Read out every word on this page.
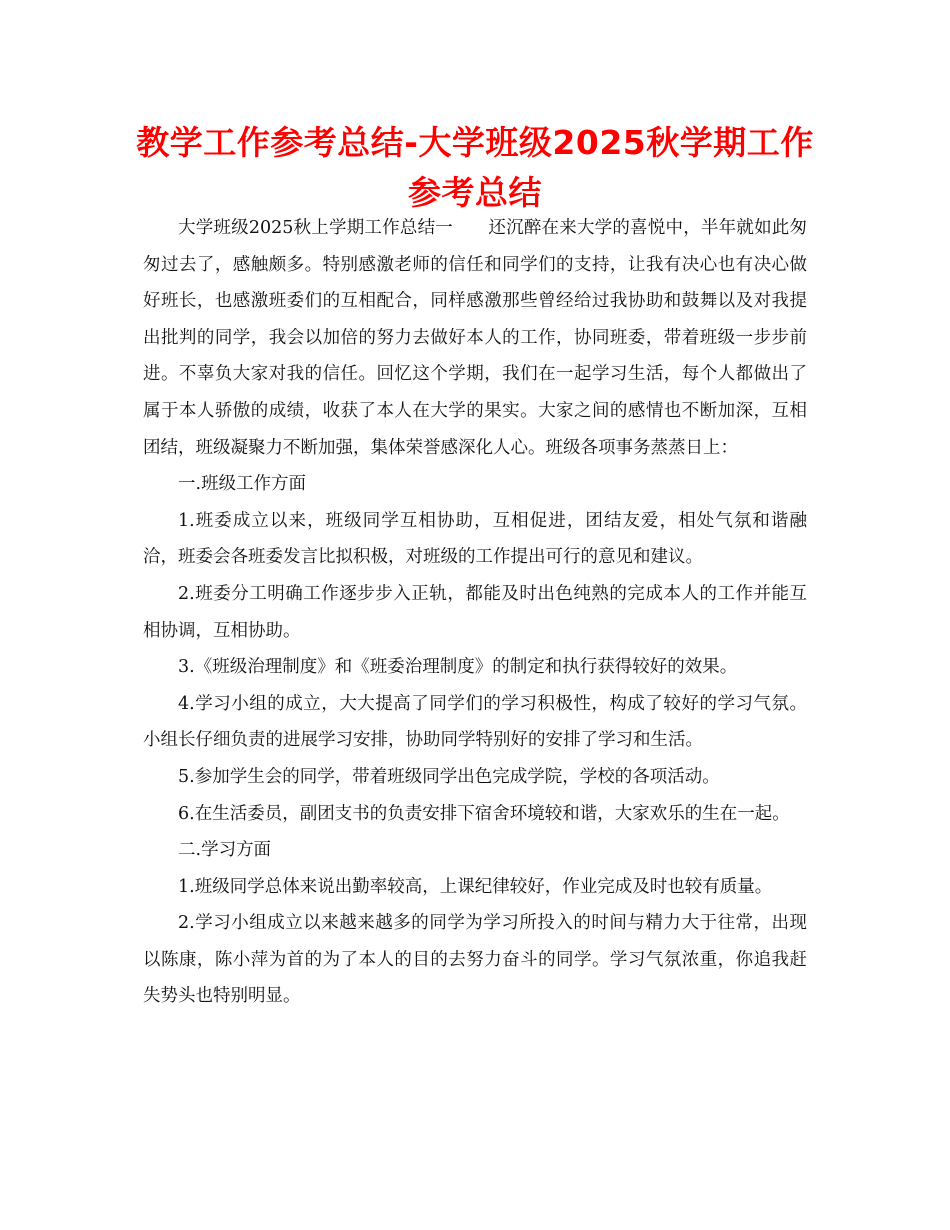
教学工作参考总结-大学班级2025秋学期工作参考总结

大学班级2025秋上学期工作总结一　　还沉醉在来大学的喜悦中，半年就如此匆匆过去了，感触颇多。特别感激老师的信任和同学们的支持，让我有决心也有决心做好班长，也感激班委们的互相配合，同样感激那些曾经给过我协助和鼓舞以及对我提出批判的同学，我会以加倍的努力去做好本人的工作，协同班委，带着班级一步步前进。不辜负大家对我的信任。回忆这个学期，我们在一起学习生活，每个人都做出了属于本人骄傲的成绩，收获了本人在大学的果实。大家之间的感情也不断加深，互相团结，班级凝聚力不断加强，集体荣誉感深化人心。班级各项事务蒸蒸日上：

一.班级工作方面

1.班委成立以来，班级同学互相协助，互相促进，团结友爱，相处气氛和谐融洽，班委会各班委发言比拟积极，对班级的工作提出可行的意见和建议。

2.班委分工明确工作逐步步入正轨，都能及时出色纯熟的完成本人的工作并能互相协调，互相协助。

3.《班级治理制度》和《班委治理制度》的制定和执行获得较好的效果。

4.学习小组的成立，大大提高了同学们的学习积极性，构成了较好的学习气氛。小组长仔细负责的进展学习安排，协助同学特别好的安排了学习和生活。

5.参加学生会的同学，带着班级同学出色完成学院，学校的各项活动。

6.在生活委员，副团支书的负责安排下宿舍环境较和谐，大家欢乐的生在一起。

二.学习方面

1.班级同学总体来说出勤率较高，上课纪律较好，作业完成及时也较有质量。

2.学习小组成立以来越来越多的同学为学习所投入的时间与精力大于往常，出现以陈康，陈小萍为首的为了本人的目的去努力奋斗的同学。学习气氛浓重，你追我赶失势头也特别明显。
